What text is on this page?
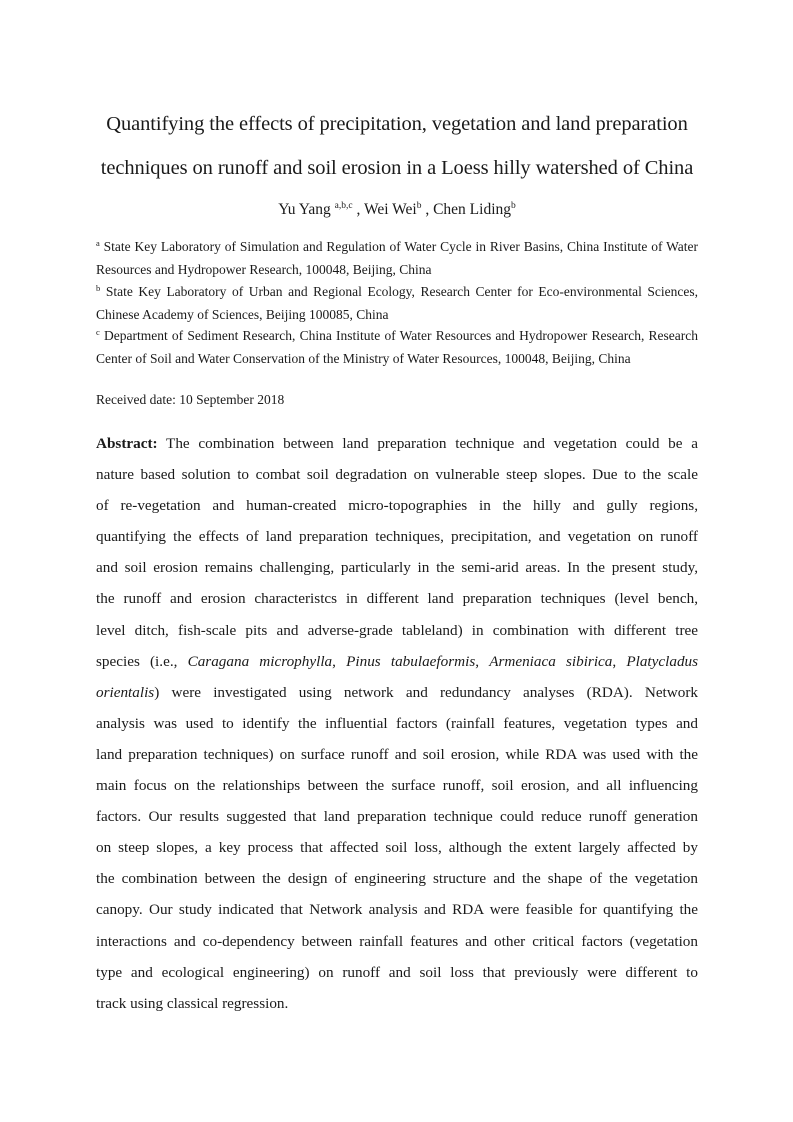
Quantifying the effects of precipitation, vegetation and land preparation
techniques on runoff and soil erosion in a Loess hilly watershed of China
Yu Yang $^{a,b,c}$ , Wei Wei$^b$ , Chen Liding$^b$

$^a$ State Key Laboratory of Simulation and Regulation of Water Cycle in River Basins, China Institute of Water Resources and Hydropower Research, 100048, Beijing, China

$^b$ State Key Laboratory of Urban and Regional Ecology, Research Center for Eco-environmental Sciences, Chinese Academy of Sciences, Beijing 100085, China

$^c$ Department of Sediment Research, China Institute of Water Resources and Hydropower Research, Research Center of Soil and Water Conservation of the Ministry of Water Resources, 100048, Beijing, China

Received date: 10 September 2018
Abstract: The combination between land preparation technique and vegetation could be a
nature based solution to combat soil degradation on vulnerable steep slopes. Due to the scale
of re-vegetation and human-created micro-topographies in the hilly and gully regions,
quantifying the effects of land preparation techniques, precipitation, and vegetation on runoff
and soil erosion remains challenging, particularly in the semi-arid areas. In the present study,
the runoff and erosion characteristcs in different land preparation techniques (level bench,
level ditch, fish-scale pits and adverse-grade tableland) in combination with different tree
species (i.e., Caragana microphylla, Pinus tabulaeformis, Armeniaca sibirica, Platycladus
orientalis) were investigated using network and redundancy analyses (RDA). Network
analysis was used to identify the influential factors (rainfall features, vegetation types and
land preparation techniques) on surface runoff and soil erosion, while RDA was used with the
main focus on the relationships between the surface runoff, soil erosion, and all influencing
factors. Our results suggested that land preparation technique could reduce runoff generation
on steep slopes, a key process that affected soil loss, although the extent largely affected by
the combination between the design of engineering structure and the shape of the vegetation
canopy. Our study indicated that Network analysis and RDA were feasible for quantifying the
interactions and co-dependency between rainfall features and other critical factors (vegetation
type and ecological engineering) on runoff and soil loss that previously were different to
track using classical regression.
